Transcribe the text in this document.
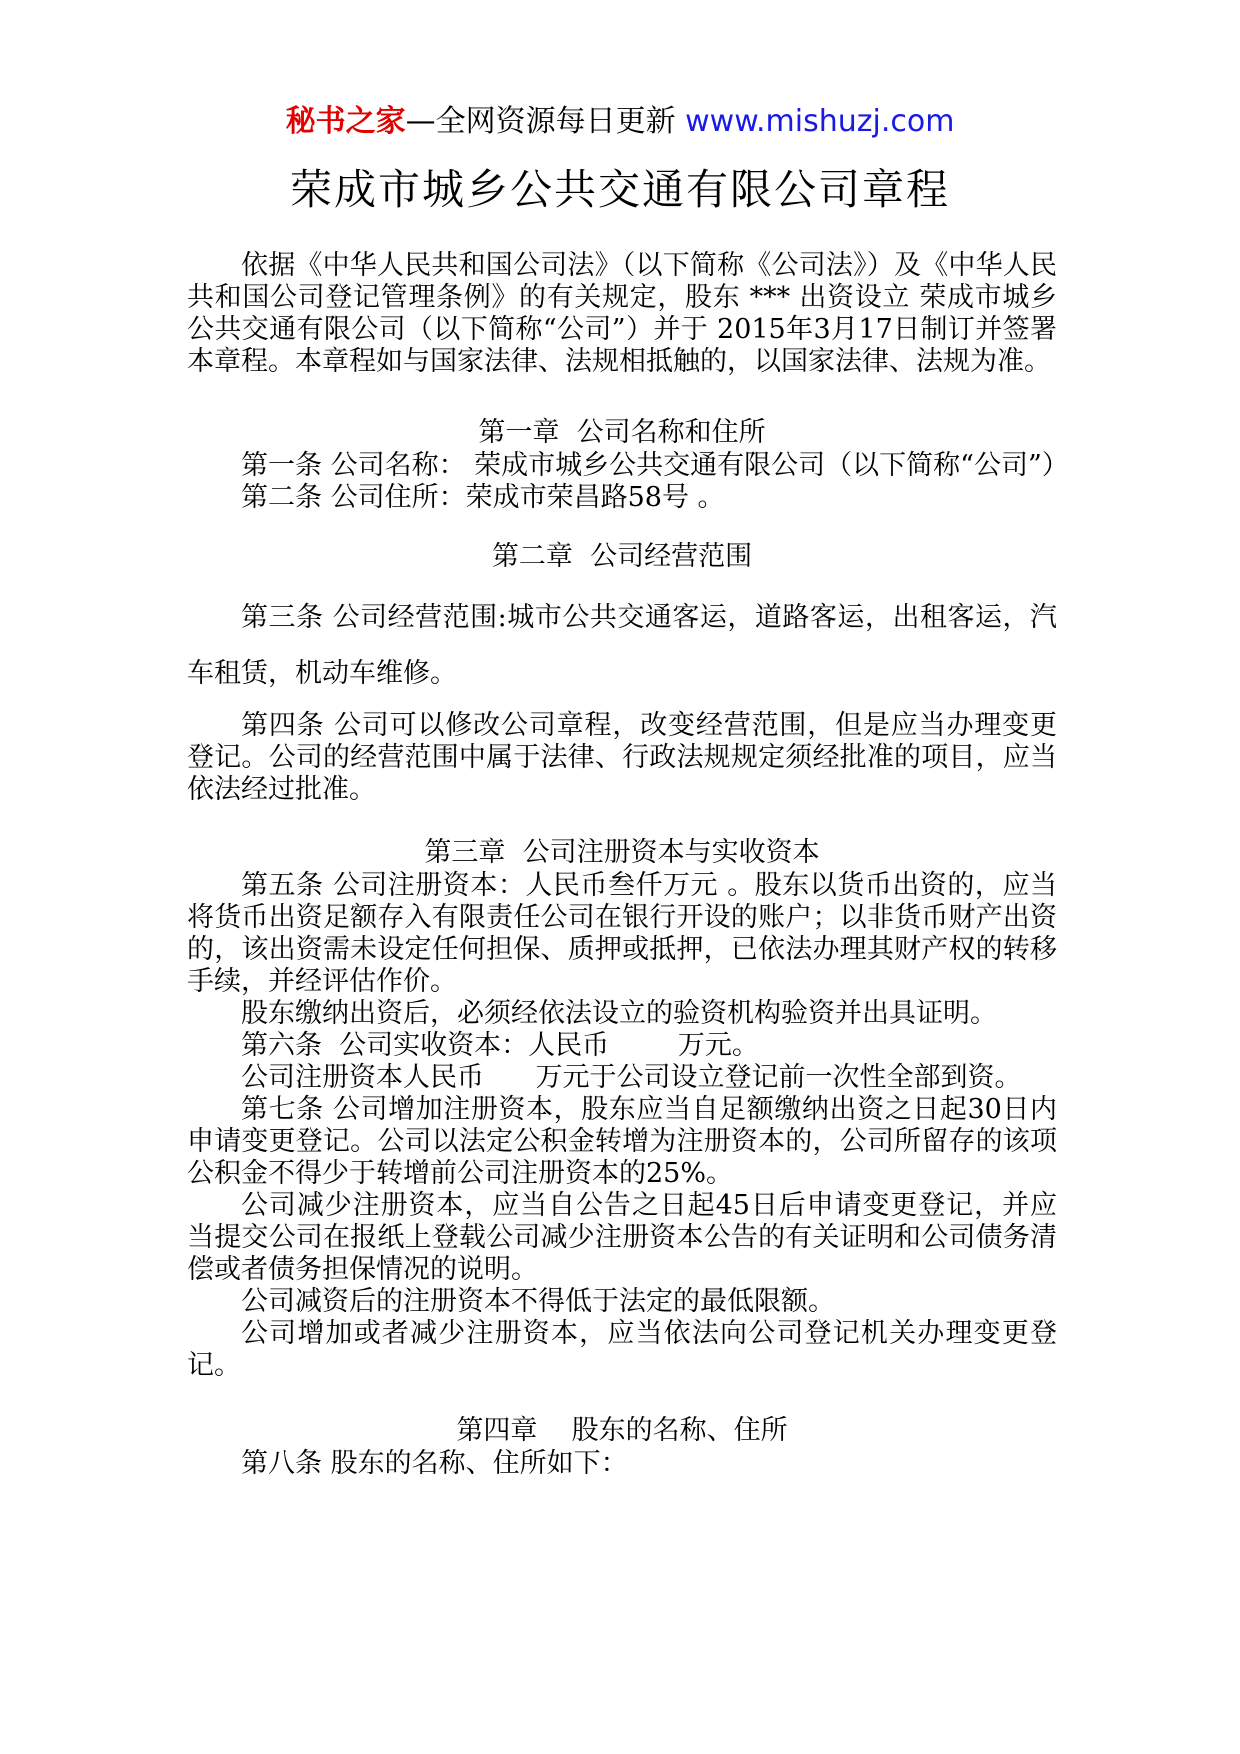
秘书之家—全网资源每日更新 www.mishuzj.com
荣成市城乡公共交通有限公司章程

依据《中华人民共和国公司法》（以下简称《公司法》）及《中华人民共和国公司登记管理条例》的有关规定，股东 *** 出资设立 荣成市城乡公共交通有限公司（以下简称“公司”）并于 2015年3月17日制订并签署本章程。本章程如与国家法律、法规相抵触的，以国家法律、法规为准。

第一章  公司名称和住所

第一条 公司名称： 荣成市城乡公共交通有限公司（以下简称“公司”）

第二条 公司住所：荣成市荣昌路58号 。

第二章  公司经营范围

第三条 公司经营范围:城市公共交通客运，道路客运，出租客运，汽车租赁，机动车维修。

第四条 公司可以修改公司章程，改变经营范围，但是应当办理变更登记。公司的经营范围中属于法律、行政法规规定须经批准的项目，应当依法经过批准。

第三章  公司注册资本与实收资本

第五条 公司注册资本：人民币叁仟万元 。股东以货币出资的，应当将货币出资足额存入有限责任公司在银行开设的账户；以非货币财产出资的，该出资需未设定任何担保、质押或抵押，已依法办理其财产权的转移手续，并经评估作价。

股东缴纳出资后，必须经依法设立的验资机构验资并出具证明。

第六条  公司实收资本：人民币        万元。

公司注册资本人民币      万元于公司设立登记前一次性全部到资。

第七条 公司增加注册资本，股东应当自足额缴纳出资之日起30日内申请变更登记。公司以法定公积金转增为注册资本的，公司所留存的该项公积金不得少于转增前公司注册资本的25%。

公司减少注册资本，应当自公告之日起45日后申请变更登记，并应当提交公司在报纸上登载公司减少注册资本公告的有关证明和公司债务清偿或者债务担保情况的说明。

公司减资后的注册资本不得低于法定的最低限额。

公司增加或者减少注册资本，应当依法向公司登记机关办理变更登记。

第四章    股东的名称、住所

第八条 股东的名称、住所如下：
